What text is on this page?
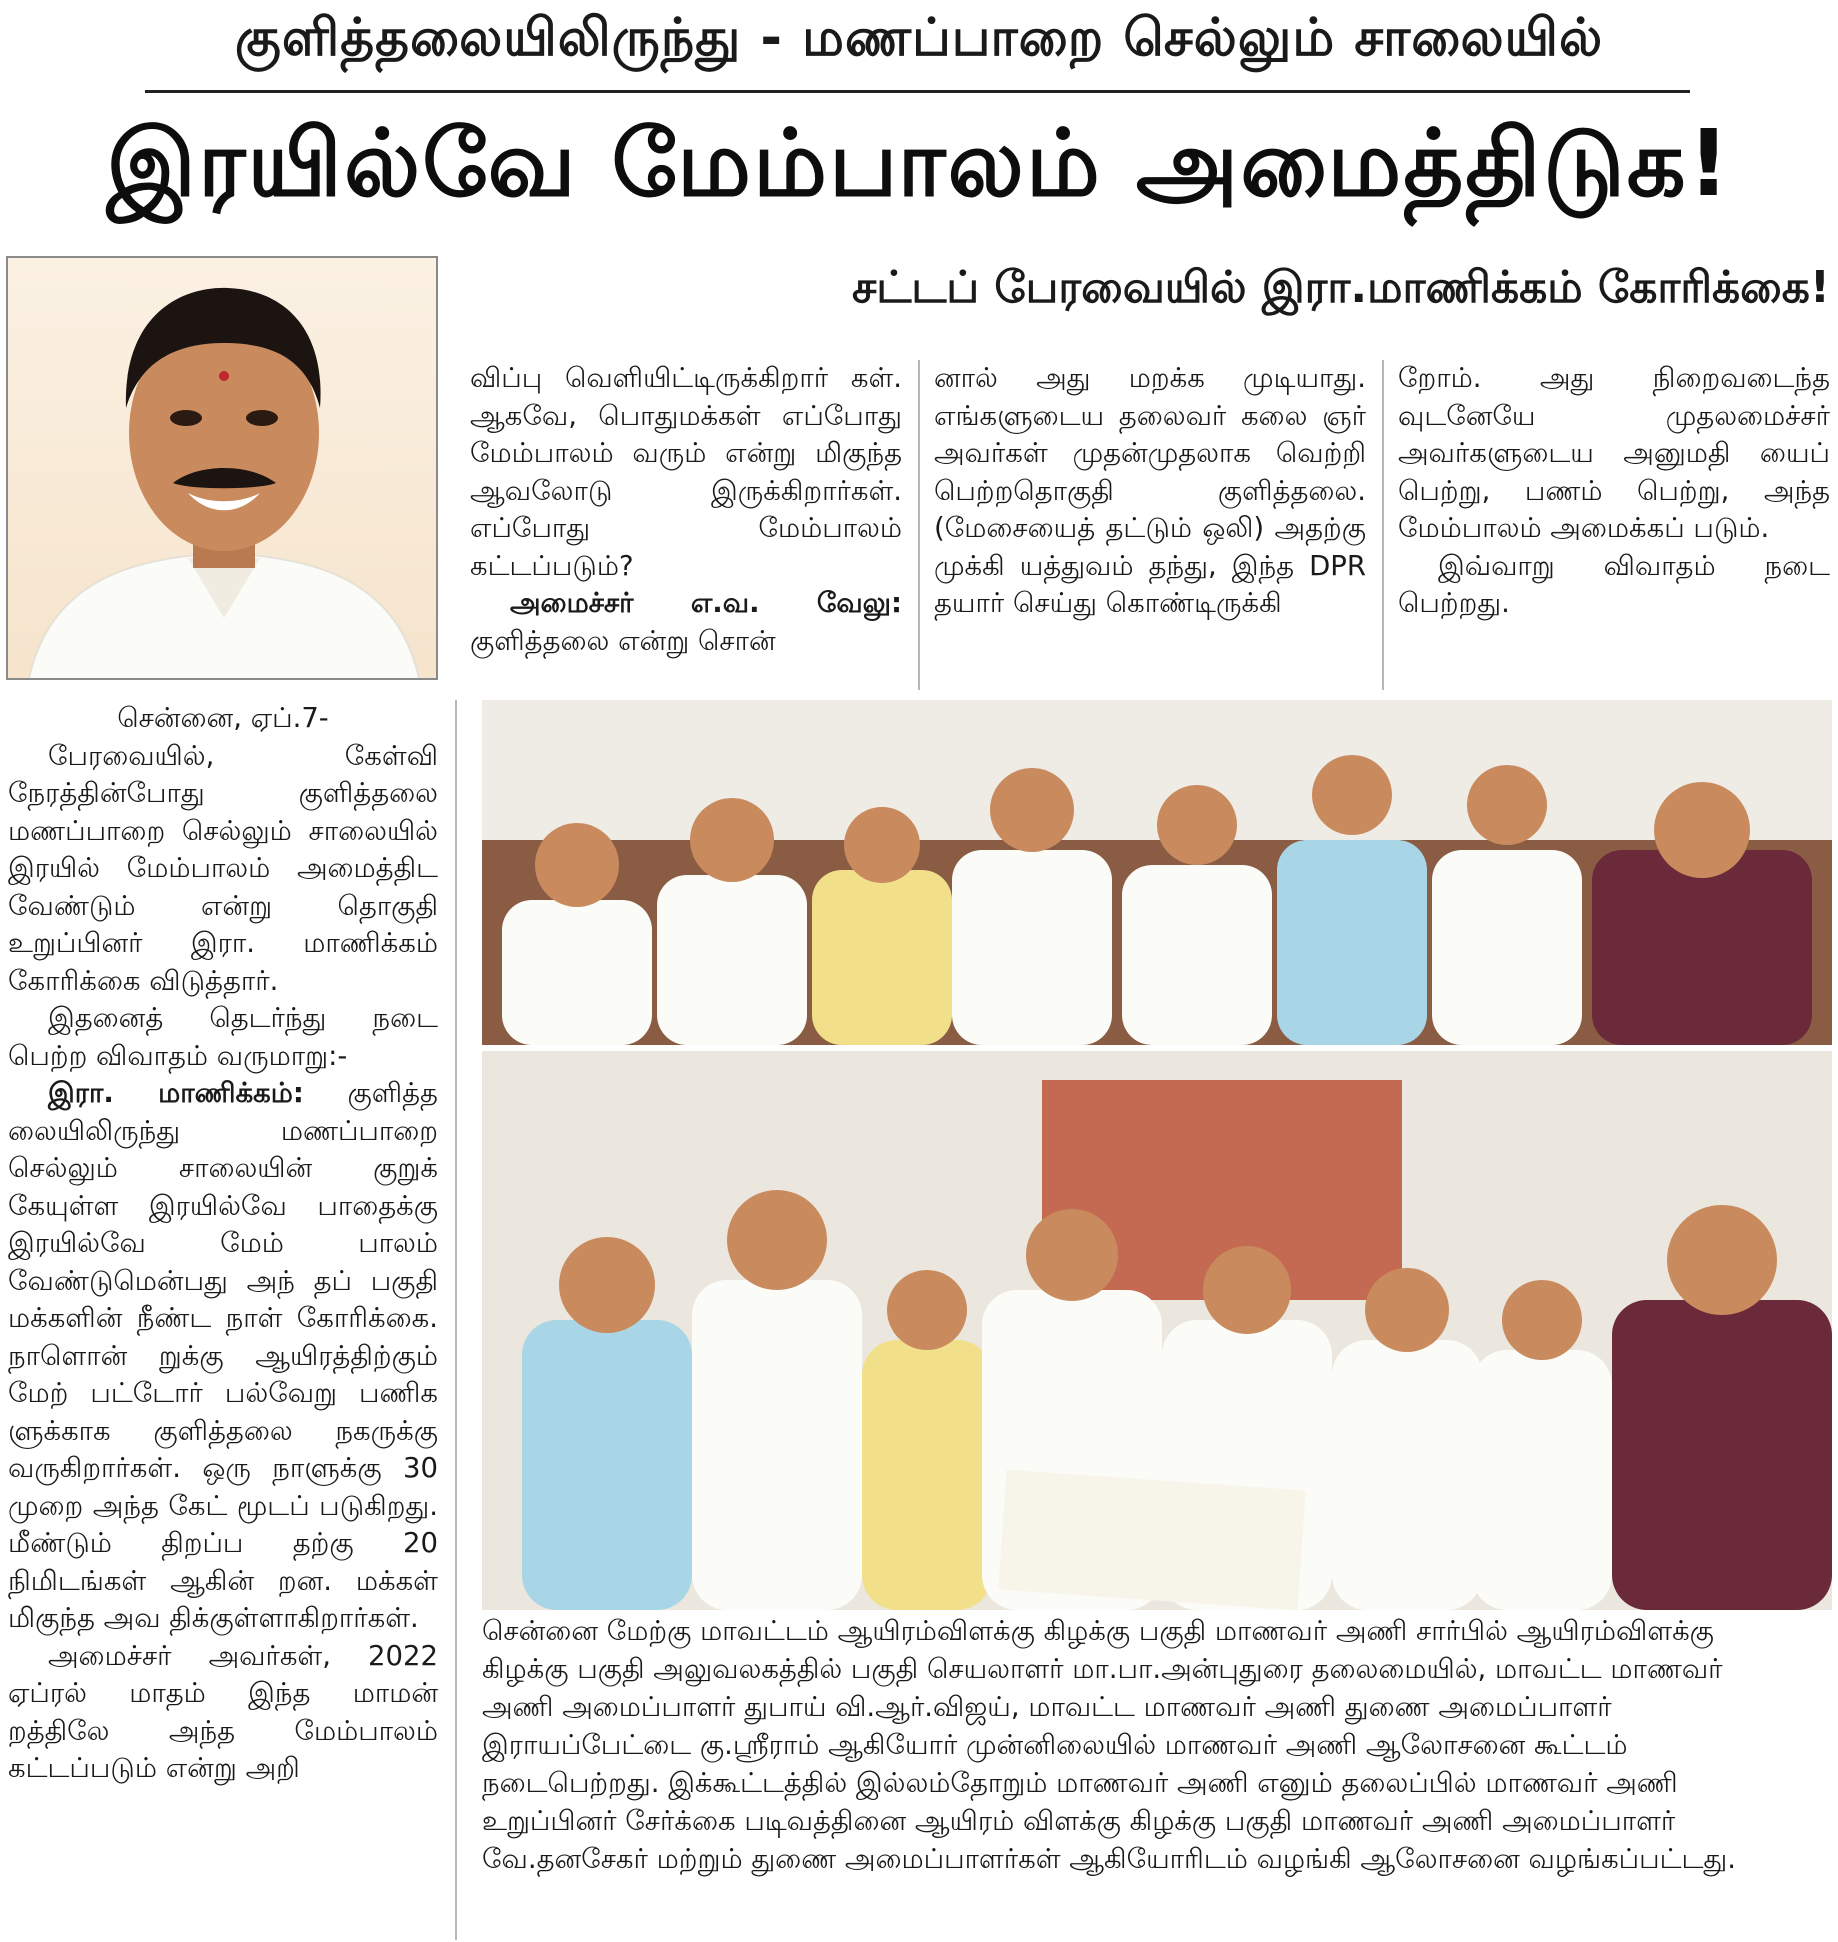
குளித்தலையிலிருந்து - மணப்பாறை செல்லும் சாலையில்
இரயில்வே மேம்பாலம் அமைத்திடுக!
சட்டப் பேரவையில் இரா.மாணிக்கம் கோரிக்கை!

விப்பு வெளியிட்டிருக்கிறார் கள். ஆகவே, பொதுமக்கள் எப்போது மேம்பாலம் வரும் என்று மிகுந்த ஆவலோடு இருக்கிறார்கள். எப்போது மேம்பாலம் கட்டப்படும்?

அமைச்சர் எ.வ. வேலு: குளித்தலை என்று சொன்

னால் அது மறக்க முடியாது. எங்களுடைய தலைவர் கலை ஞர் அவர்கள் முதன்முதலாக வெற்றி பெற்றதொகுதி குளித்தலை. (மேசையைத் தட்டும் ஒலி) அதற்கு முக்கி யத்துவம் தந்து, இந்த DPR தயார் செய்து கொண்டிருக்கி

றோம். அது நிறைவடைந்த வுடனேயே முதலமைச்சர் அவர்களுடைய அனுமதி யைப் பெற்று, பணம் பெற்று, அந்த மேம்பாலம் அமைக்கப் படும்.

இவ்வாறு விவாதம் நடை பெற்றது.

சென்னை, ஏப்.7-

பேரவையில், கேள்வி நேரத்தின்போது குளித்தலை மணப்பாறை செல்லும் சாலையில் இரயில் மேம்பாலம் அமைத்திட வேண்டும் என்று தொகுதி உறுப்பினர் இரா. மாணிக்கம் கோரிக்கை விடுத்தார்.

இதனைத் தெடர்ந்து நடை பெற்ற விவாதம் வருமாறு:-

இரா. மாணிக்கம்: குளித்த லையிலிருந்து மணப்பாறை செல்லும் சாலையின் குறுக் கேயுள்ள இரயில்வே பாதைக்கு இரயில்வே மேம் பாலம் வேண்டுமென்பது அந் தப் பகுதி மக்களின் நீண்ட நாள் கோரிக்கை. நாளொன் றுக்கு ஆயிரத்திற்கும் மேற் பட்டோர் பல்வேறு பணிக ளுக்காக குளித்தலை நகருக்கு வருகிறார்கள். ஒரு நாளுக்கு 30 முறை அந்த கேட் மூடப் படுகிறது. மீண்டும் திறப்ப தற்கு 20 நிமிடங்கள் ஆகின் றன. மக்கள் மிகுந்த அவ திக்குள்ளாகிறார்கள்.

அமைச்சர் அவர்கள், 2022 ஏப்ரல் மாதம் இந்த மாமன் றத்திலே அந்த மேம்பாலம் கட்டப்படும் என்று அறி

சென்னை மேற்கு மாவட்டம் ஆயிரம்விளக்கு கிழக்கு பகுதி மாணவர் அணி சார்பில் ஆயிரம்விளக்கு
கிழக்கு பகுதி அலுவலகத்தில் பகுதி செயலாளர் மா.பா.அன்புதுரை தலைமையில், மாவட்ட மாணவர்
அணி அமைப்பாளர் துபாய் வி.ஆர்.விஜய், மாவட்ட மாணவர் அணி துணை அமைப்பாளர்
இராயப்பேட்டை கு.ஸ்ரீராம் ஆகியோர் முன்னிலையில் மாணவர் அணி ஆலோசனை கூட்டம்
நடைபெற்றது. இக்கூட்டத்தில் இல்லம்தோறும் மாணவர் அணி எனும் தலைப்பில் மாணவர் அணி
உறுப்பினர் சேர்க்கை படிவத்தினை ஆயிரம் விளக்கு கிழக்கு பகுதி மாணவர் அணி அமைப்பாளர்
வே.தனசேகர் மற்றும் துணை அமைப்பாளர்கள் ஆகியோரிடம் வழங்கி ஆலோசனை வழங்கப்பட்டது.
